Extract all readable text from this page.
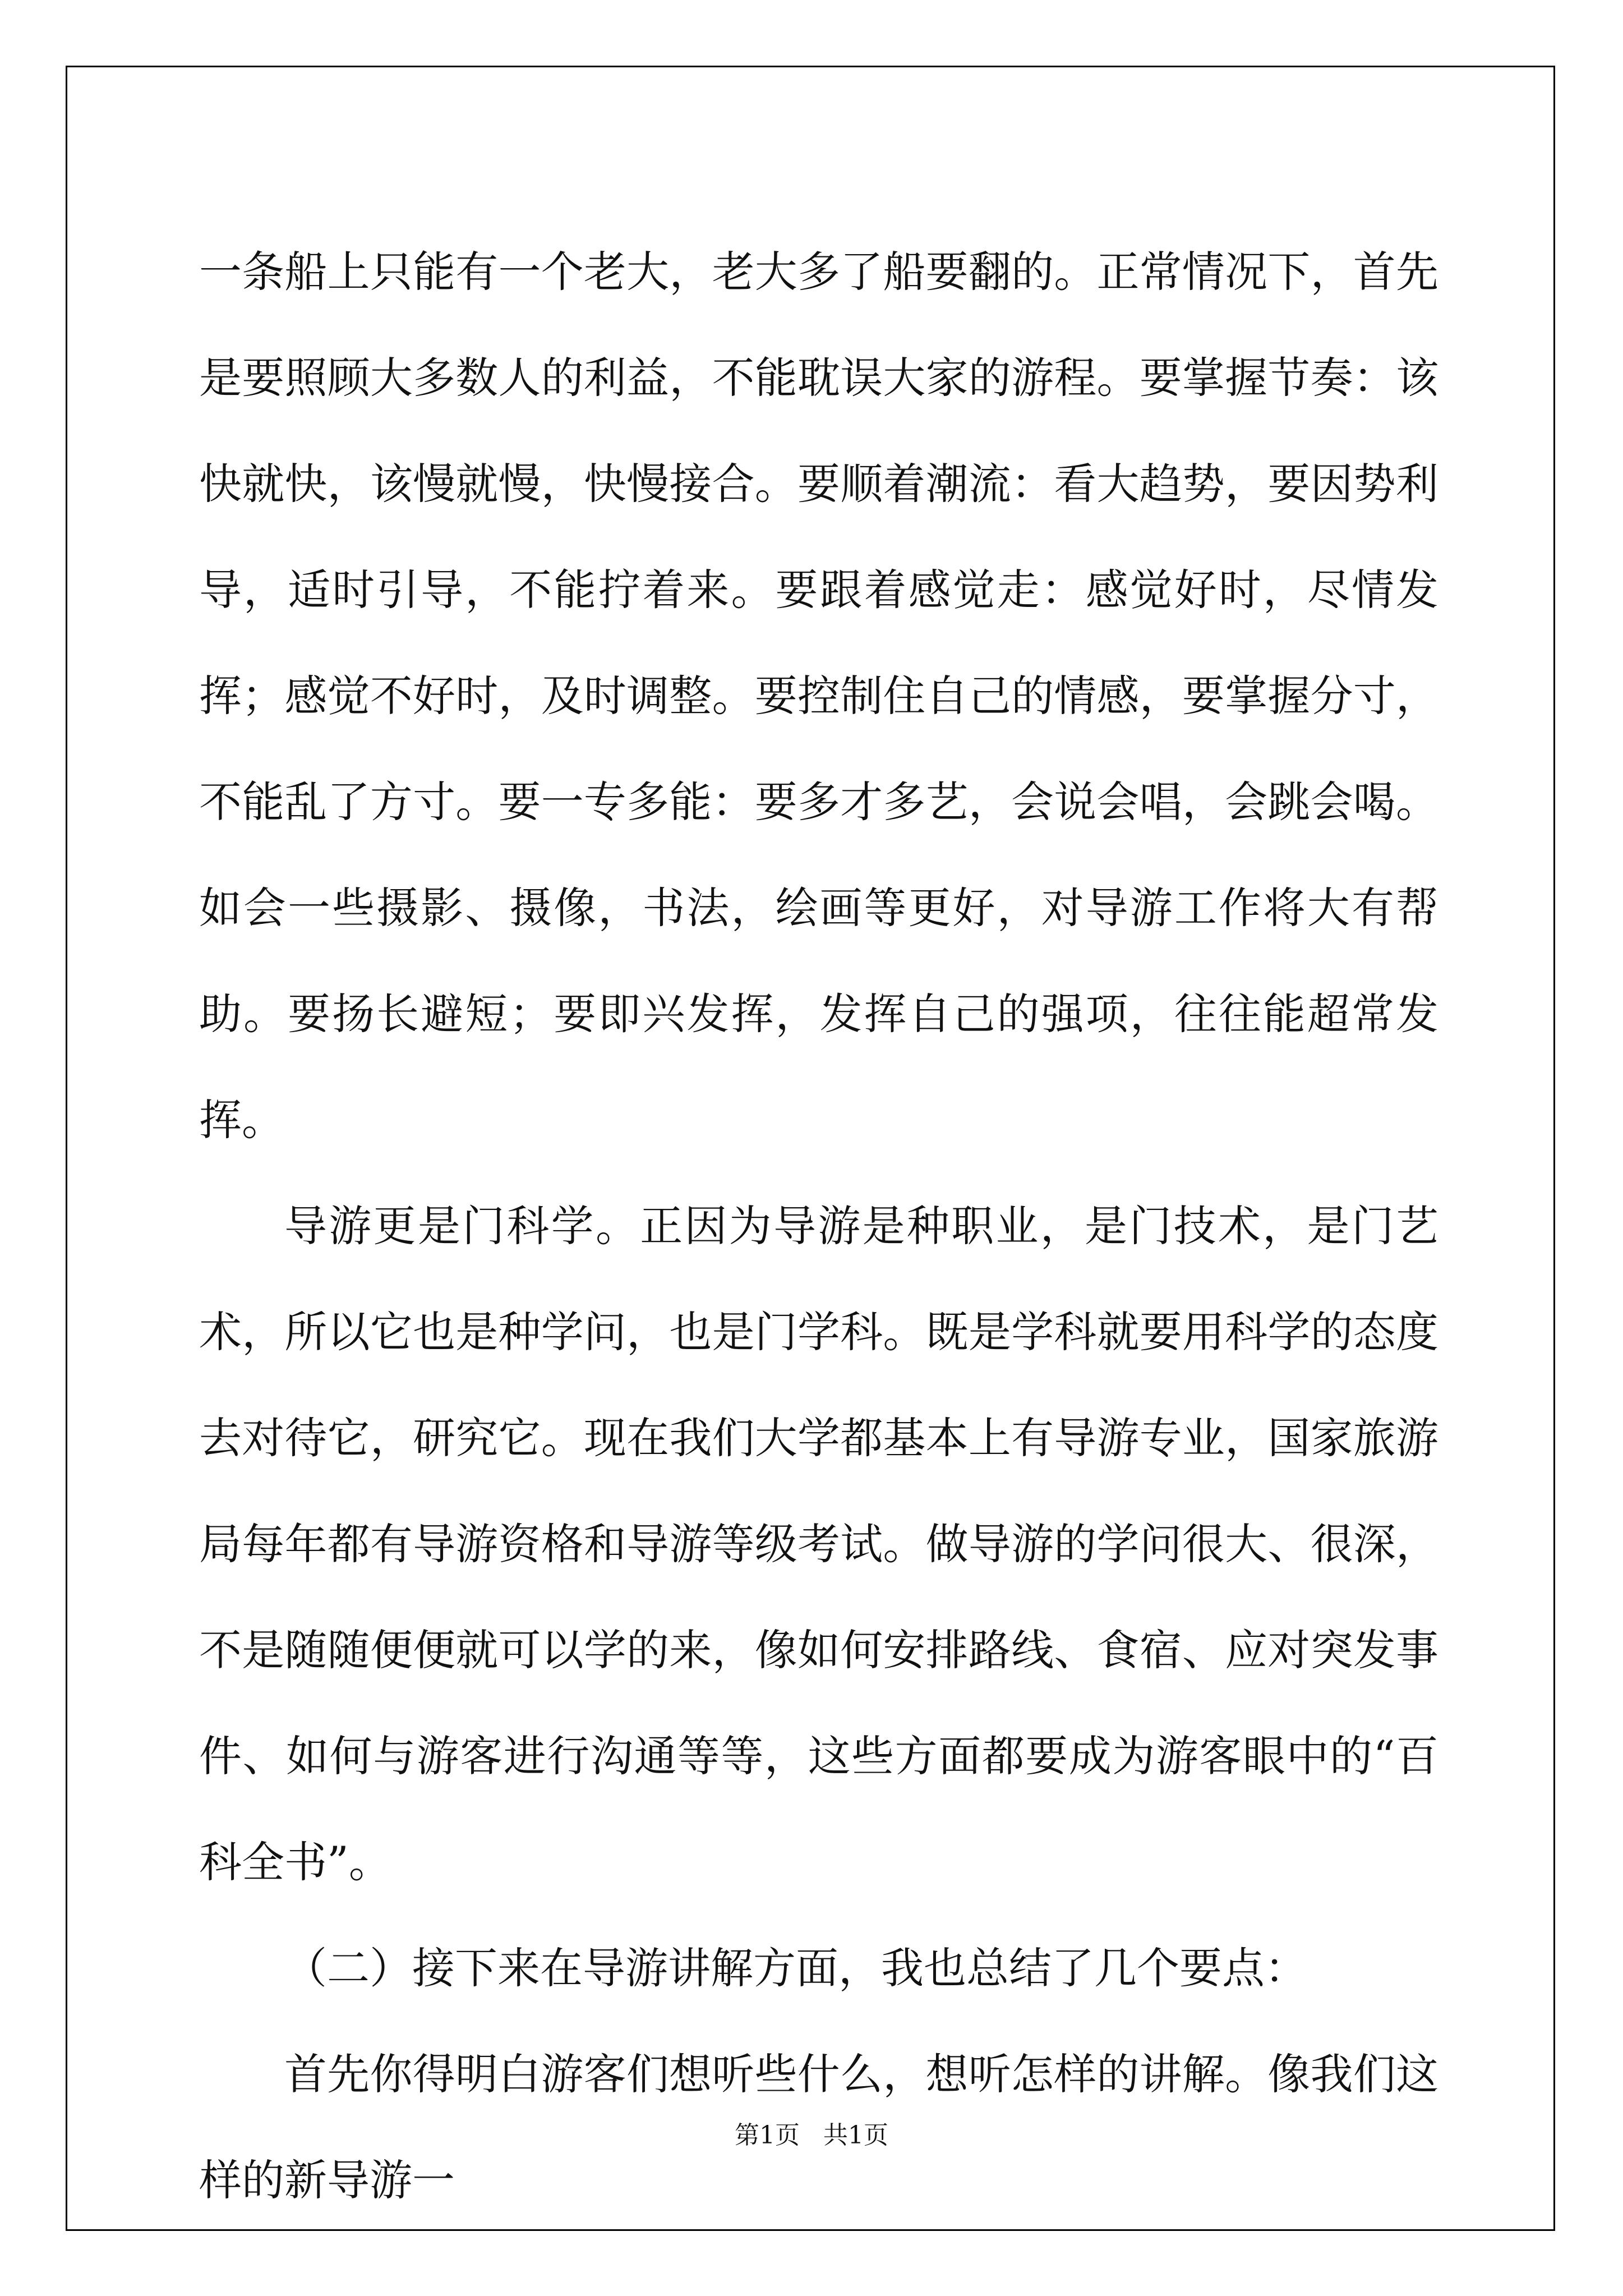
一条船上只能有一个老大，老大多了船要翻的。正常情况下，首先是要照顾大多数人的利益，不能耽误大家的游程。要掌握节奏：该快就快，该慢就慢，快慢接合。要顺着潮流：看大趋势，要因势利导，适时引导，不能拧着来。要跟着感觉走：感觉好时，尽情发挥；感觉不好时，及时调整。要控制住自己的情感，要掌握分寸，不能乱了方寸。要一专多能：要多才多艺，会说会唱，会跳会喝。如会一些摄影、摄像，书法，绘画等更好，对导游工作将大有帮助。要扬长避短；要即兴发挥，发挥自己的强项，往往能超常发挥。

导游更是门科学。正因为导游是种职业，是门技术，是门艺术，所以它也是种学问，也是门学科。既是学科就要用科学的态度去对待它，研究它。现在我们大学都基本上有导游专业，国家旅游局每年都有导游资格和导游等级考试。做导游的学问很大、很深，不是随随便便就可以学的来，像如何安排路线、食宿、应对突发事件、如何与游客进行沟通等等，这些方面都要成为游客眼中的“百科全书”。

（二）接下来在导游讲解方面，我也总结了几个要点：

首先你得明白游客们想听些什么，想听怎样的讲解。像我们这样的新导游一

第1页   共1页
